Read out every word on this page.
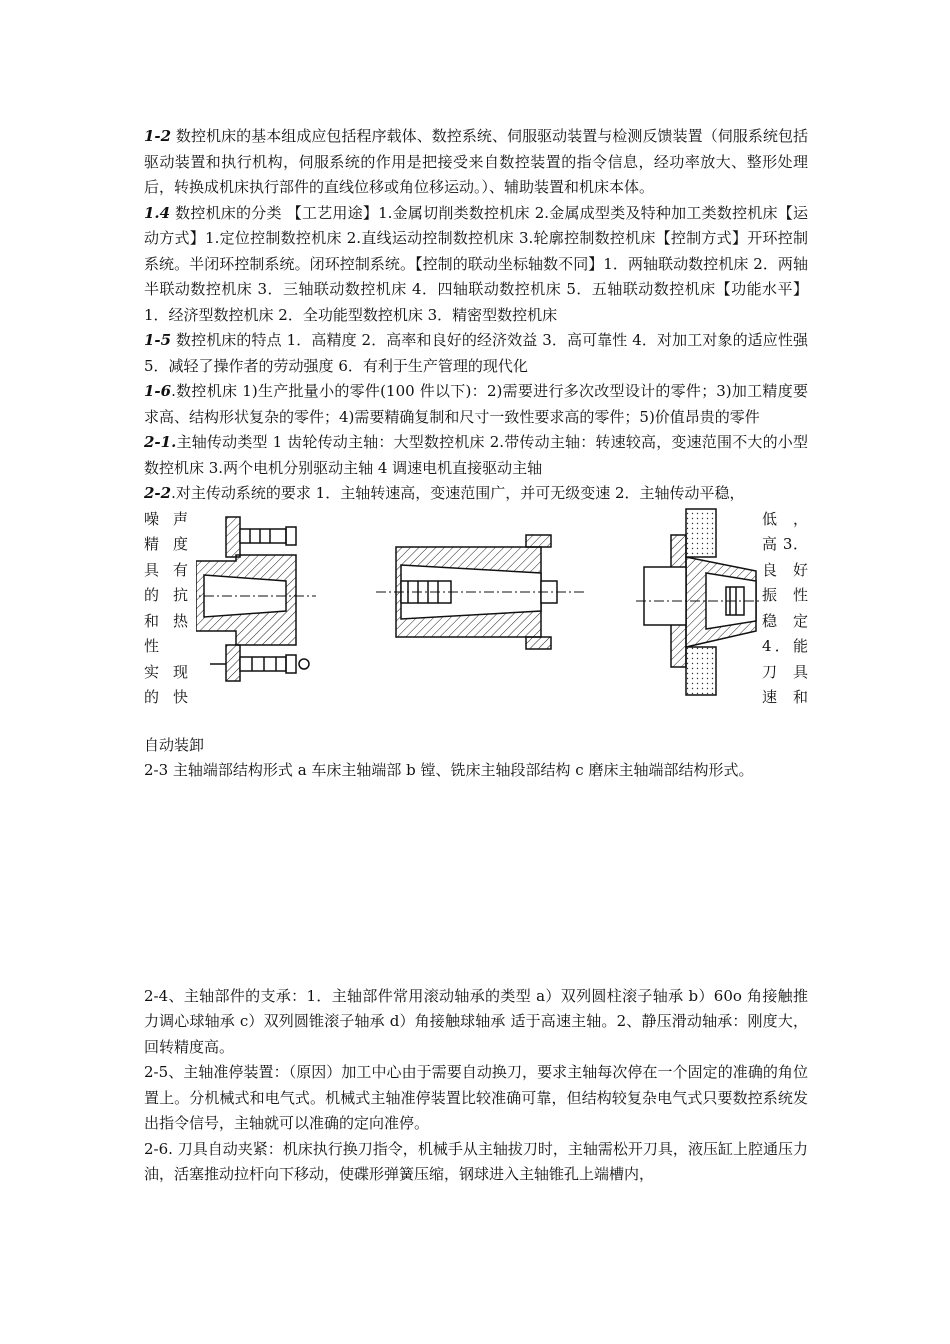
1-2 数控机床的基本组成应包括程序载体、数控系统、伺服驱动装置与检测反馈装置（伺服系统包括驱动装置和执行机构，伺服系统的作用是把接受来自数控装置的指令信息，经功率放大、整形处理后，转换成机床执行部件的直线位移或角位移运动。）、辅助装置和机床本体。

1.4 数控机床的分类 【工艺用途】1.金属切削类数控机床 2.金属成型类及特种加工类数控机床【运动方式】1.定位控制数控机床 2.直线运动控制数控机床 3.轮廓控制数控机床【控制方式】开环控制系统。半闭环控制系统。闭环控制系统。【控制的联动坐标轴数不同】1．两轴联动数控机床 2．两轴半联动数控机床 3．三轴联动数控机床 4．四轴联动数控机床 5．五轴联动数控机床【功能水平】1．经济型数控机床 2．全功能型数控机床 3．精密型数控机床

1-5 数控机床的特点 1．高精度 2．高率和良好的经济效益 3．高可靠性 4．对加工对象的适应性强 5．减轻了操作者的劳动强度 6．有利于生产管理的现代化

1-6.数控机床 1)生产批量小的零件(100 件以下)：2)需要进行多次改型设计的零件；3)加工精度要求高、结构形状复杂的零件；4)需要精确复制和尺寸一致性要求高的零件；5)价值昂贵的零件

2-1.主轴传动类型 1 齿轮传动主轴：大型数控机床 2.带传动主轴：转速较高，变速范围不大的小型数控机床 3.两个电机分别驱动主轴 4 调速电机直接驱动主轴

2-2.对主传动系统的要求 1．主轴转速高，变速范围广，并可无级变速 2．主轴传动平稳，

噪声
精度
具有
的抗
和热
性
实现
的快
低，
高 3．
良好
振性
稳定
4．能
刀具
速和

自动装卸

2-3 主轴端部结构形式 a 车床主轴端部 b 镗、铣床主轴段部结构 c 磨床主轴端部结构形式。

2-4、主轴部件的支承：1．主轴部件常用滚动轴承的类型 a）双列圆柱滚子轴承 b）60o 角接触推力调心球轴承 c）双列圆锥滚子轴承 d）角接触球轴承 适于高速主轴。2、静压滑动轴承：刚度大，回转精度高。

2-5、主轴准停装置：（原因）加工中心由于需要自动换刀，要求主轴每次停在一个固定的准确的角位置上。分机械式和电气式。机械式主轴准停装置比较准确可靠，但结构较复杂电气式只要数控系统发出指令信号，主轴就可以准确的定向准停。

2-6. 刀具自动夹紧：机床执行换刀指令，机械手从主轴拔刀时，主轴需松开刀具，液压缸上腔通压力油，活塞推动拉杆向下移动，使碟形弹簧压缩，钢球进入主轴锥孔上端槽内，
